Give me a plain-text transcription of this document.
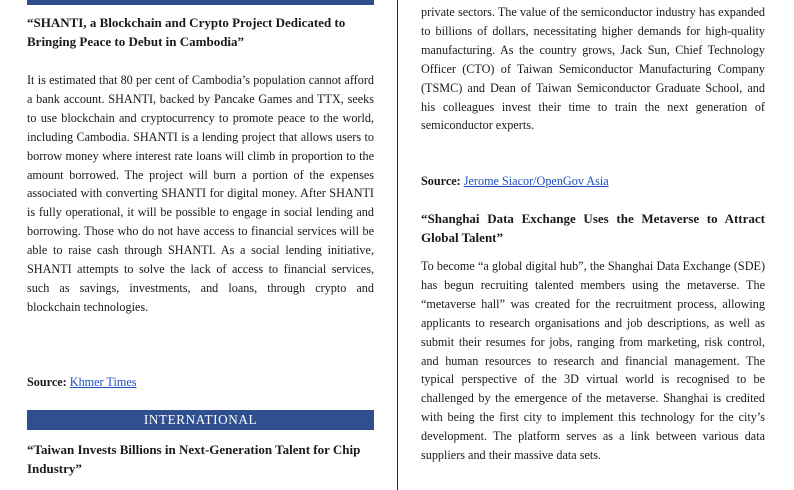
“SHANTI, a Blockchain and Crypto Project Dedicated to Bringing Peace to Debut in Cambodia”

It is estimated that 80 per cent of Cambodia’s population cannot afford a bank account. SHANTI, backed by Pancake Games and TTX, seeks to use blockchain and cryptocurrency to promote peace to the world, including Cambodia. SHANTI is a lending project that allows users to borrow money where interest rate loans will climb in proportion to the amount borrowed. The project will burn a portion of the expenses associated with converting SHANTI for digital money. After SHANTI is fully operational, it will be possible to engage in social lending and borrowing. Those who do not have access to financial services will be able to raise cash through SHANTI. As a social lending initiative, SHANTI attempts to solve the lack of access to financial services, such as savings, investments, and loans, through crypto and blockchain technologies.

Source: Khmer Times
“Taiwan Invests Billions in Next-Generation Talent for Chip Industry”
INTERNATIONAL

private sectors. The value of the semiconductor industry has expanded to billions of dollars, necessitating higher demands for high-quality manufacturing. As the country grows, Jack Sun, Chief Technology Officer (CTO) of Taiwan Semiconductor Manufacturing Company (TSMC) and Dean of Taiwan Semiconductor Graduate School, and his colleagues invest their time to train the next generation of semiconductor experts.

Source: Jerome Siacor/OpenGov Asia
“Shanghai Data Exchange Uses the Metaverse to Attract Global Talent”

To become “a global digital hub”, the Shanghai Data Exchange (SDE) has begun recruiting talented members using the metaverse. The “metaverse hall” was created for the recruitment process, allowing applicants to research organisations and job descriptions, as well as submit their resumes for jobs, ranging from marketing, risk control, and human resources to research and financial management. The typical perspective of the 3D virtual world is recognised to be challenged by the emergence of the metaverse. Shanghai is credited with being the first city to implement this technology for the city’s development. The platform serves as a link between various data suppliers and their massive data sets.
